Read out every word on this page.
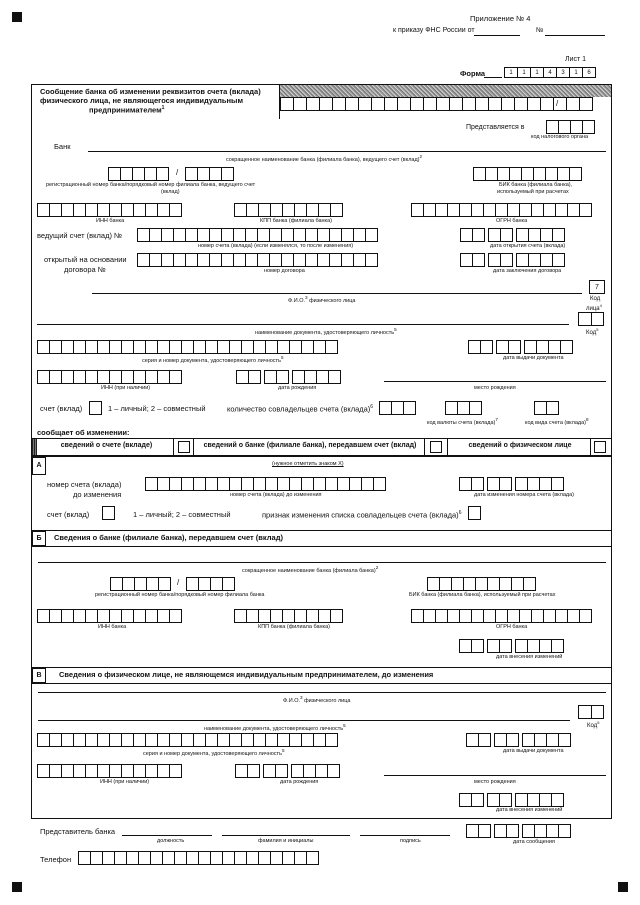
Приложение № 4
к приказу ФНС России от	№
Лист 1
Форма	1 1 1 4 3 1 6
Сообщение банка об изменении реквизитов счета (вклада)
физического лица, не являющегося индивидуальным
предпринимателем$^1$	/
Представляется в
код налогового органа
Банк
сокращенное наименование банка (филиала банка), ведущего счет (вклад)$^2$
/
регистрационный номер банка/порядковый номер филиала банка, ведущего счет
(вклад)
БИК банка (филиала банка),
используемый при расчетах
ИНН банка	КПП банка (филиала банка)	ОГРН банка
ведущий счет (вклад) №
номер счета (вклада) (если изменялся, то после изменения)	дата открытия счета (вклада)
открытый на основании
договора №	номер договора	дата заключения договора
7
Код
лица$^4$
Ф.И.О.$^3$ физического лица
наименование документа, удостоверяющего личность$^5$
Код$^5$
серия и номер документа, удостоверяющего личность$^5$	дата выдачи документа
ИНН (при наличии)	дата рождения	место рождения
счет (вклад)	1 – личный; 2 – совместный	количество совладельцев счета (вклада)$^6$
код валюты счета (вклада)$^7$
код вида счета (вклада)$^8$
сообщает об изменении:
сведений о счете (вкладе)	сведений о банке (филиале банка), передавшем счет (вклад)	сведений о физическом лице
А	(нужное отметить знаком Х)
номер счета (вклада)
до изменения	номер счета (вклада) до изменения	дата изменения номера счета (вклада)
счет (вклад)	1 – личный; 2 – совместный	признак изменения списка совладельцев счета (вклада)$^6$
Б	Сведения о банке (филиале банка), передавшем счет (вклад)
сокращенное наименование банка (филиала банка)$^2$
/
регистрационный номер банка/порядковый номер филиала банка	БИК банка (филиала банка), используемый при расчетах
ИНН банка	КПП банка (филиала банка)	ОГРН банка
дата внесения изменений
В	Сведения о физическом лице, не являющемся индивидуальным предпринимателем, до изменения
Ф.И.О.$^3$ физического лица
наименование документа, удостоверяющего личность$^5$	Код$^5$
серия и номер документа, удостоверяющего личность$^5$	дата выдачи документа
ИНН (при наличии)	дата рождения	место рождения
дата внесения изменений
Представитель банка
должность	фамилия и инициалы	подпись	дата сообщения
Телефон
